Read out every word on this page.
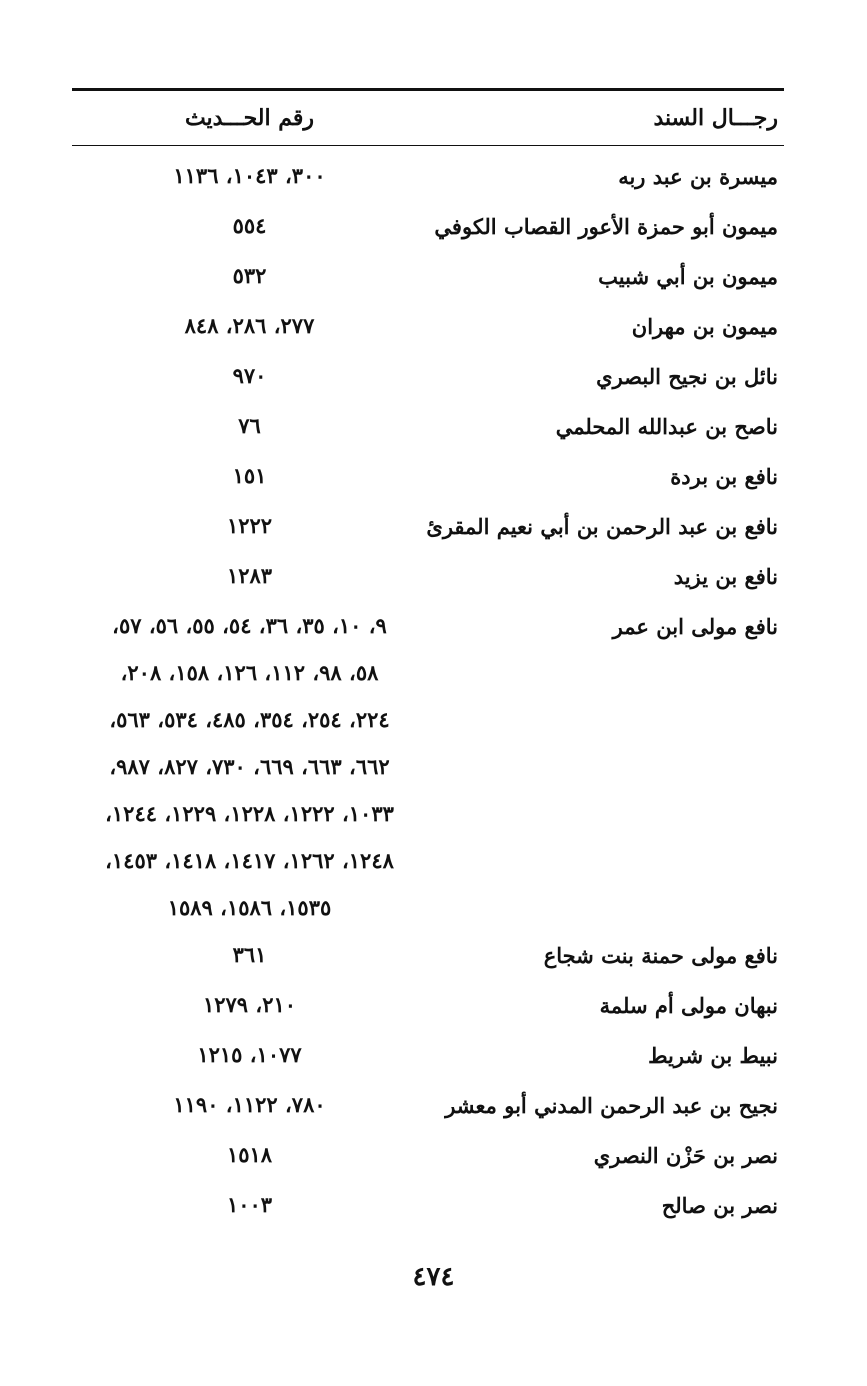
رجـــال السند
رقم الحـــديث
ميسرة بن عبد ربه
٣٠٠، ١٠٤٣، ١١٣٦
ميمون أبو حمزة الأعور القصاب الكوفي
٥٥٤
ميمون بن أبي شبيب
٥٣٢
ميمون بن مهران
٢٧٧، ٢٨٦، ٨٤٨
نائل بن نجيح البصري
٩٧٠
ناصح بن عبدالله المحلمي
٧٦
نافع بن بردة
١٥١
نافع بن عبد الرحمن بن أبي نعيم المقرئ
١٢٢٢
نافع بن يزيد
١٢٨٣
نافع مولى ابن عمر
٩، ١٠، ٣٥، ٣٦، ٥٤، ٥٥، ٥٦، ٥٧،
٥٨، ٩٨، ١١٢، ١٢٦، ١٥٨، ٢٠٨،
٢٢٤، ٢٥٤، ٣٥٤، ٤٨٥، ٥٣٤، ٥٦٣،
٦٦٢، ٦٦٣، ٦٦٩، ٧٣٠، ٨٢٧، ٩٨٧،
١٠٣٣، ١٢٢٢، ١٢٢٨، ١٢٢٩، ١٢٤٤،
١٢٤٨، ١٢٦٢، ١٤١٧، ١٤١٨، ١٤٥٣،
١٥٣٥، ١٥٨٦، ١٥٨٩
نافع مولى حمنة بنت شجاع
٣٦١
نبهان مولى أم سلمة
٢١٠، ١٢٧٩
نبيط بن شريط
١٠٧٧، ١٢١٥
نجيح بن عبد الرحمن المدني أبو معشر
٧٨٠، ١١٢٢، ١١٩٠
نصر بن حَزْن النصري
١٥١٨
نصر بن صالح
١٠٠٣
٤٧٤
